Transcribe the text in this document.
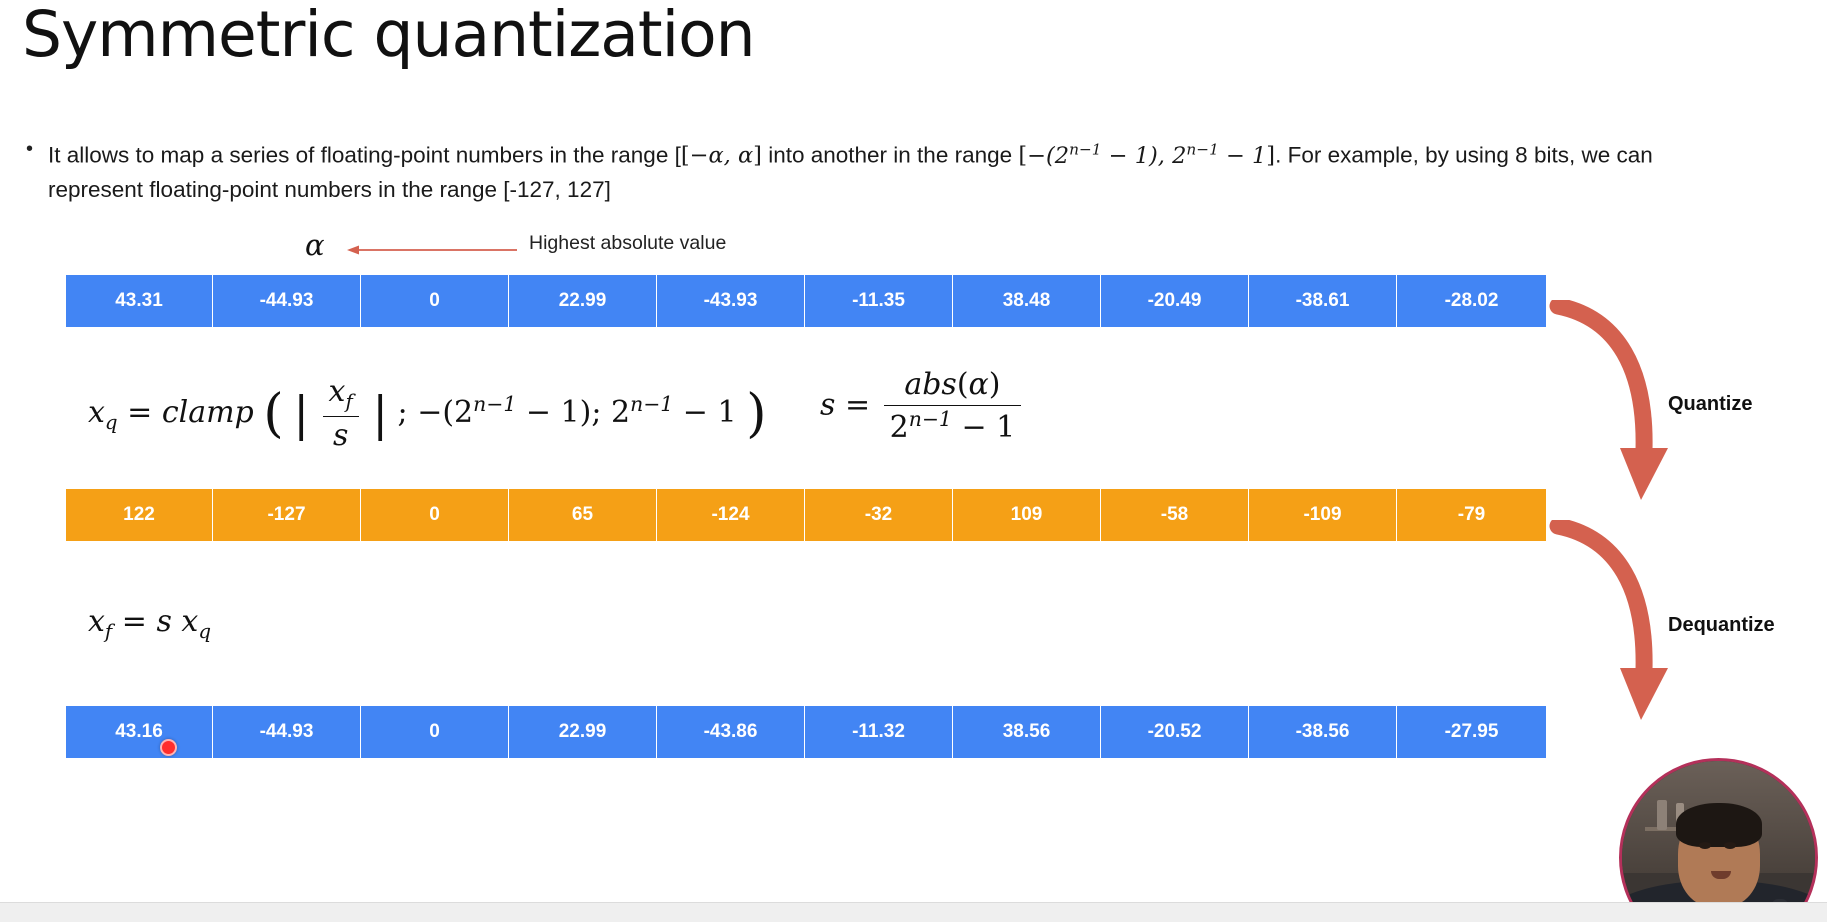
Symmetric quantization
• It allows to map a series of floating-point numbers in the range [[−α, α] into another in the range [$-(2^{n-1} - 1)$, $2^{n-1} - 1$]. For example, by using 8 bits, we can represent floating-point numbers in the range [-127, 127]
α	Highest absolute value
43.31	-44.93	0	22.99	-43.93	-11.35	38.48	-20.49	-38.61	-28.02
$x_q$ = clamp ( | $\frac{x_f}{s}$ | ; $-(2^{n-1} - 1)$; $2^{n-1} - 1$ ) $s = \frac{\text{abs(α)}}{2^{n-1} - 1}$
122	-127	0	65	-124	-32	109	-58	-109	-79
$x_f = s$ $x_q$
43.16	-44.93	0	22.99	-43.86	-11.32	38.56	-20.52	-38.56	-27.95
Quantize
Dequantize
